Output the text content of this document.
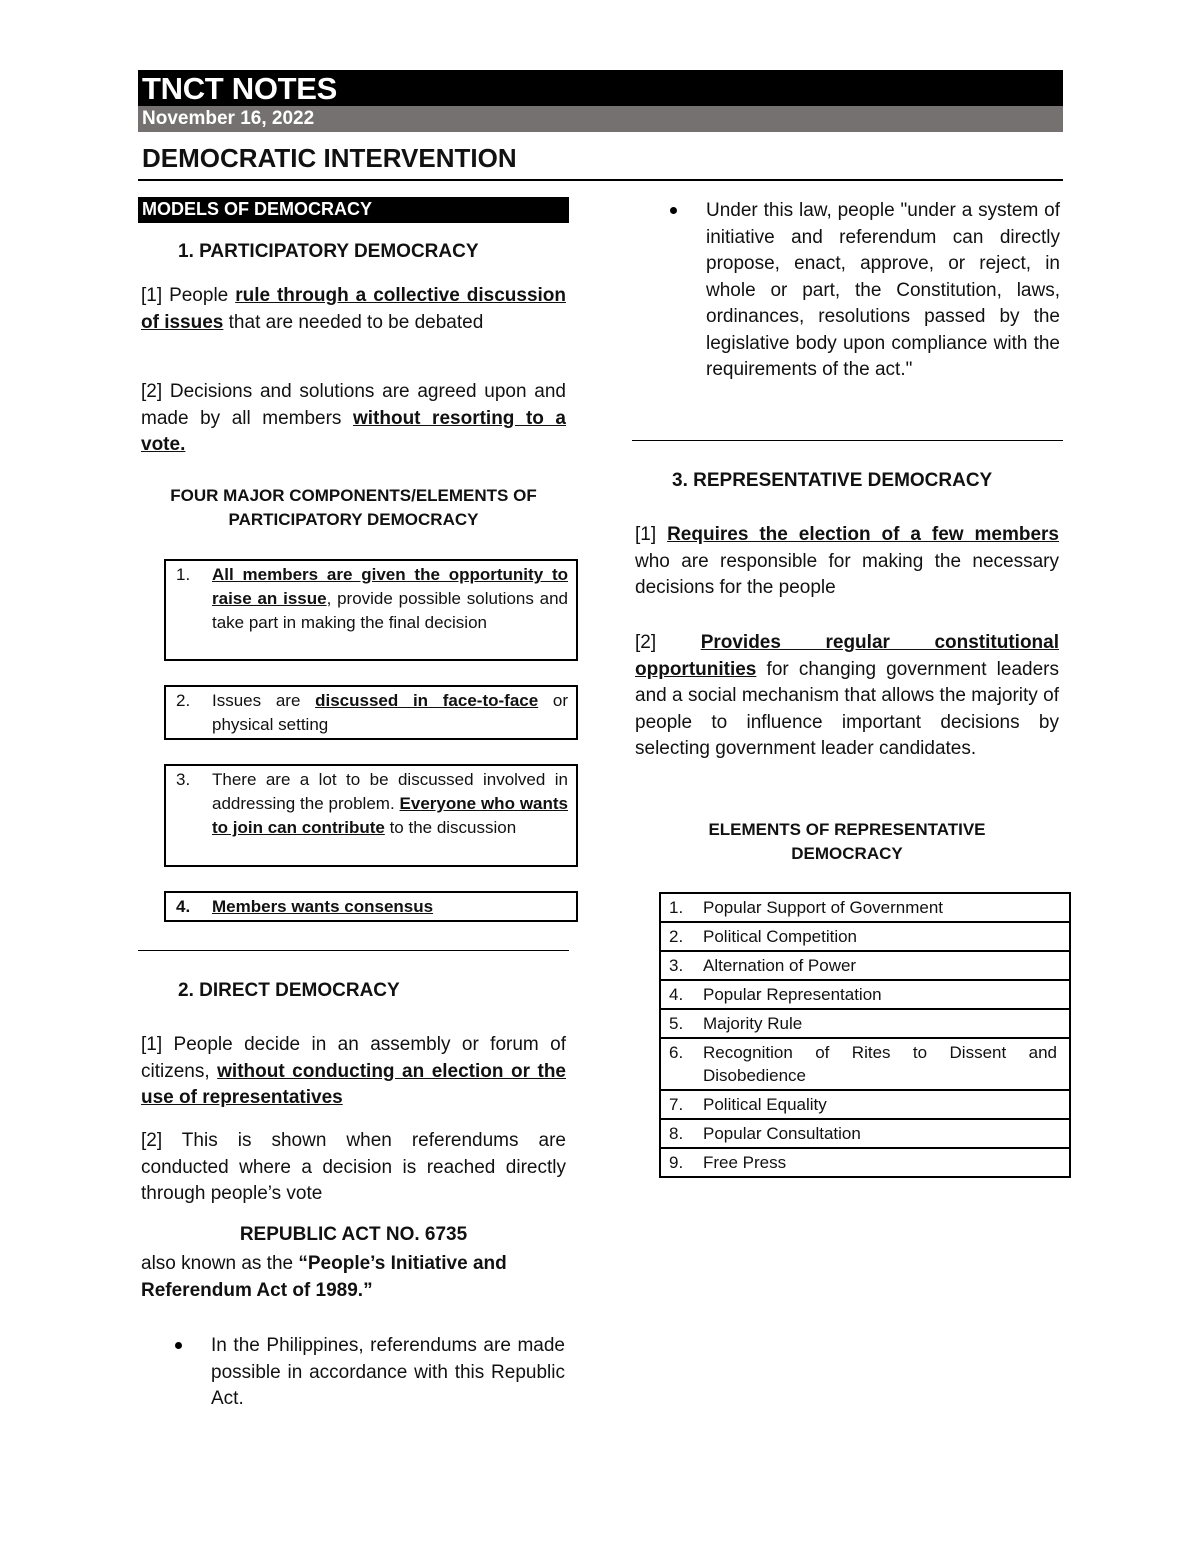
TNCT NOTES
November 16, 2022
DEMOCRATIC INTERVENTION
MODELS OF DEMOCRACY
1. PARTICIPATORY DEMOCRACY
[1] People rule through a collective discussion of issues that are needed to be debated
[2] Decisions and solutions are agreed upon and made by all members without resorting to a vote.
FOUR MAJOR COMPONENTS/ELEMENTS OF PARTICIPATORY DEMOCRACY
1. All members are given the opportunity to raise an issue, provide possible solutions and take part in making the final decision
2. Issues are discussed in face-to-face or physical setting
3. There are a lot to be discussed involved in addressing the problem. Everyone who wants to join can contribute to the discussion
4. Members wants consensus
2. DIRECT DEMOCRACY
[1] People decide in an assembly or forum of citizens, without conducting an election or the use of representatives
[2] This is shown when referendums are conducted where a decision is reached directly through people’s vote
REPUBLIC ACT NO. 6735
also known as the “People’s Initiative and Referendum Act of 1989.”
In the Philippines, referendums are made possible in accordance with this Republic Act.
Under this law, people "under a system of initiative and referendum can directly propose, enact, approve, or reject, in whole or part, the Constitution, laws, ordinances, resolutions passed by the legislative body upon compliance with the requirements of the act."
3. REPRESENTATIVE DEMOCRACY
[1] Requires the election of a few members who are responsible for making the necessary decisions for the people
[2] Provides regular constitutional opportunities for changing government leaders and a social mechanism that allows the majority of people to influence important decisions by selecting government leader candidates.
ELEMENTS OF REPRESENTATIVE DEMOCRACY
1. Popular Support of Government
2. Political Competition
3. Alternation of Power
4. Popular Representation
5. Majority Rule
6. Recognition of Rites to Dissent and Disobedience
7. Political Equality
8. Popular Consultation
9. Free Press
